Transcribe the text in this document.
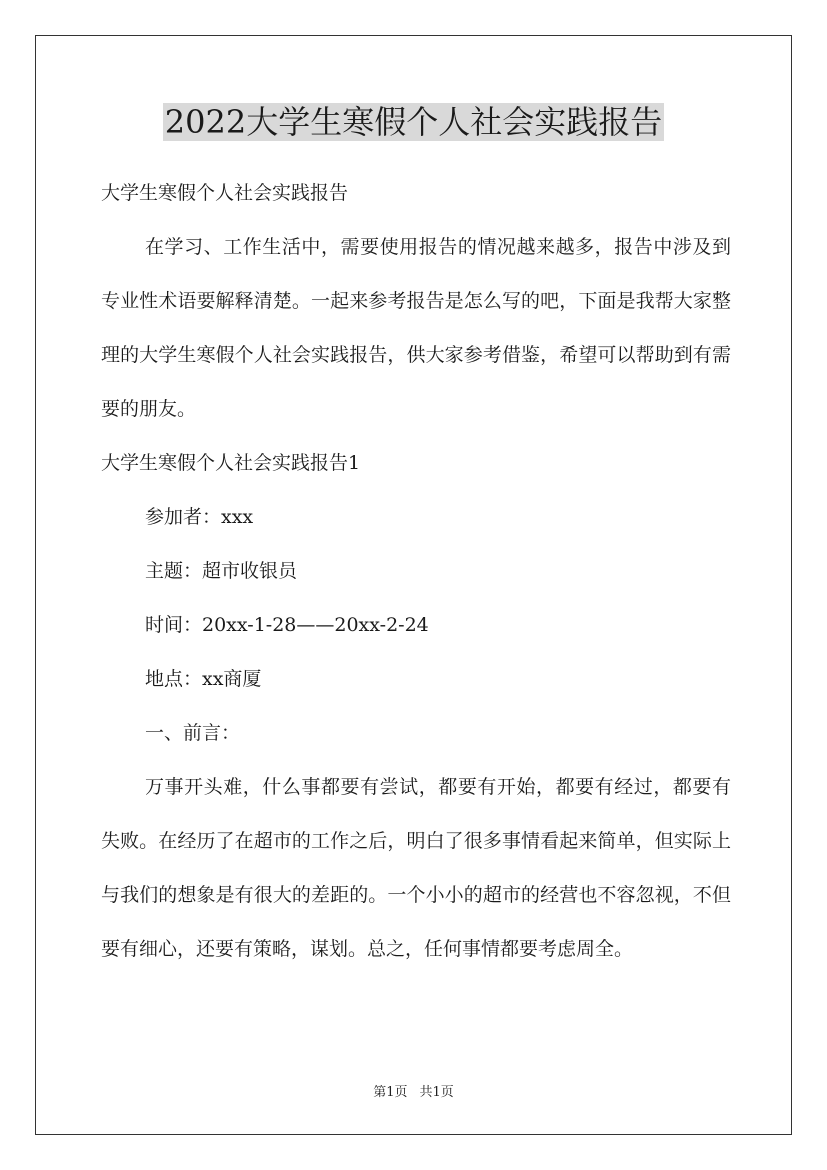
2022大学生寒假个人社会实践报告

大学生寒假个人社会实践报告

在学习、工作生活中，需要使用报告的情况越来越多，报告中涉及到专业性术语要解释清楚。一起来参考报告是怎么写的吧，下面是我帮大家整理的大学生寒假个人社会实践报告，供大家参考借鉴，希望可以帮助到有需要的朋友。

大学生寒假个人社会实践报告1

参加者：xxx

主题：超市收银员

时间：20xx-1-28——20xx-2-24

地点：xx商厦

一、前言：

万事开头难，什么事都要有尝试，都要有开始，都要有经过，都要有失败。在经历了在超市的工作之后，明白了很多事情看起来简单，但实际上与我们的想象是有很大的差距的。一个小小的超市的经营也不容忽视，不但要有细心，还要有策略，谋划。总之，任何事情都要考虑周全。

第1页 共1页
